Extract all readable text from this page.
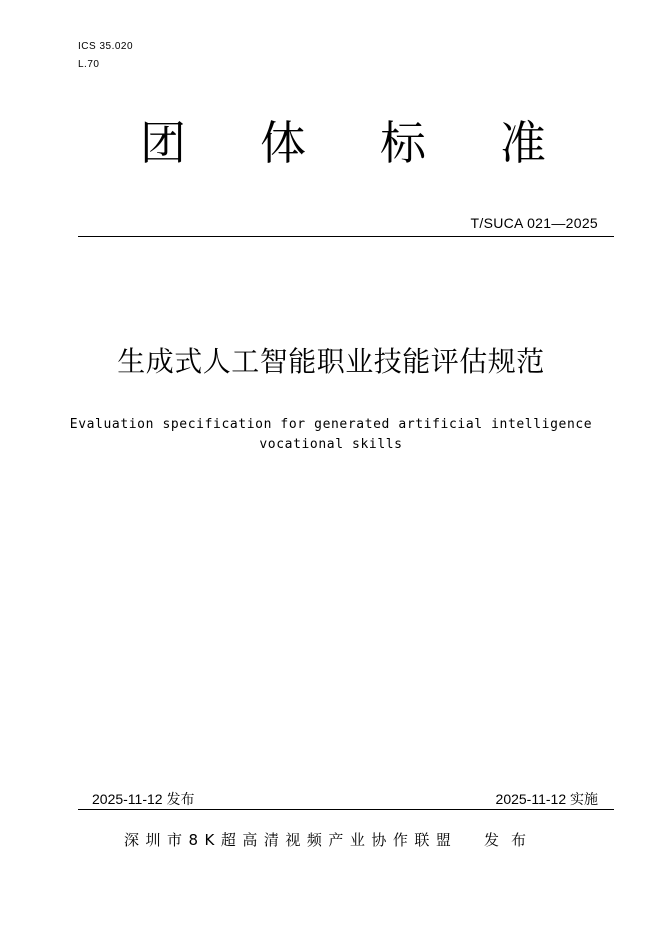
ICS 35.020
L.70
团 体 标 准
T/SUCA 021—2025
生成式人工智能职业技能评估规范
Evaluation specification for generated artificial intelligence
vocational skills
2025-11-12 发布	2025-11-12 实施
深圳市8K超高清视频产业协作联盟 发布
